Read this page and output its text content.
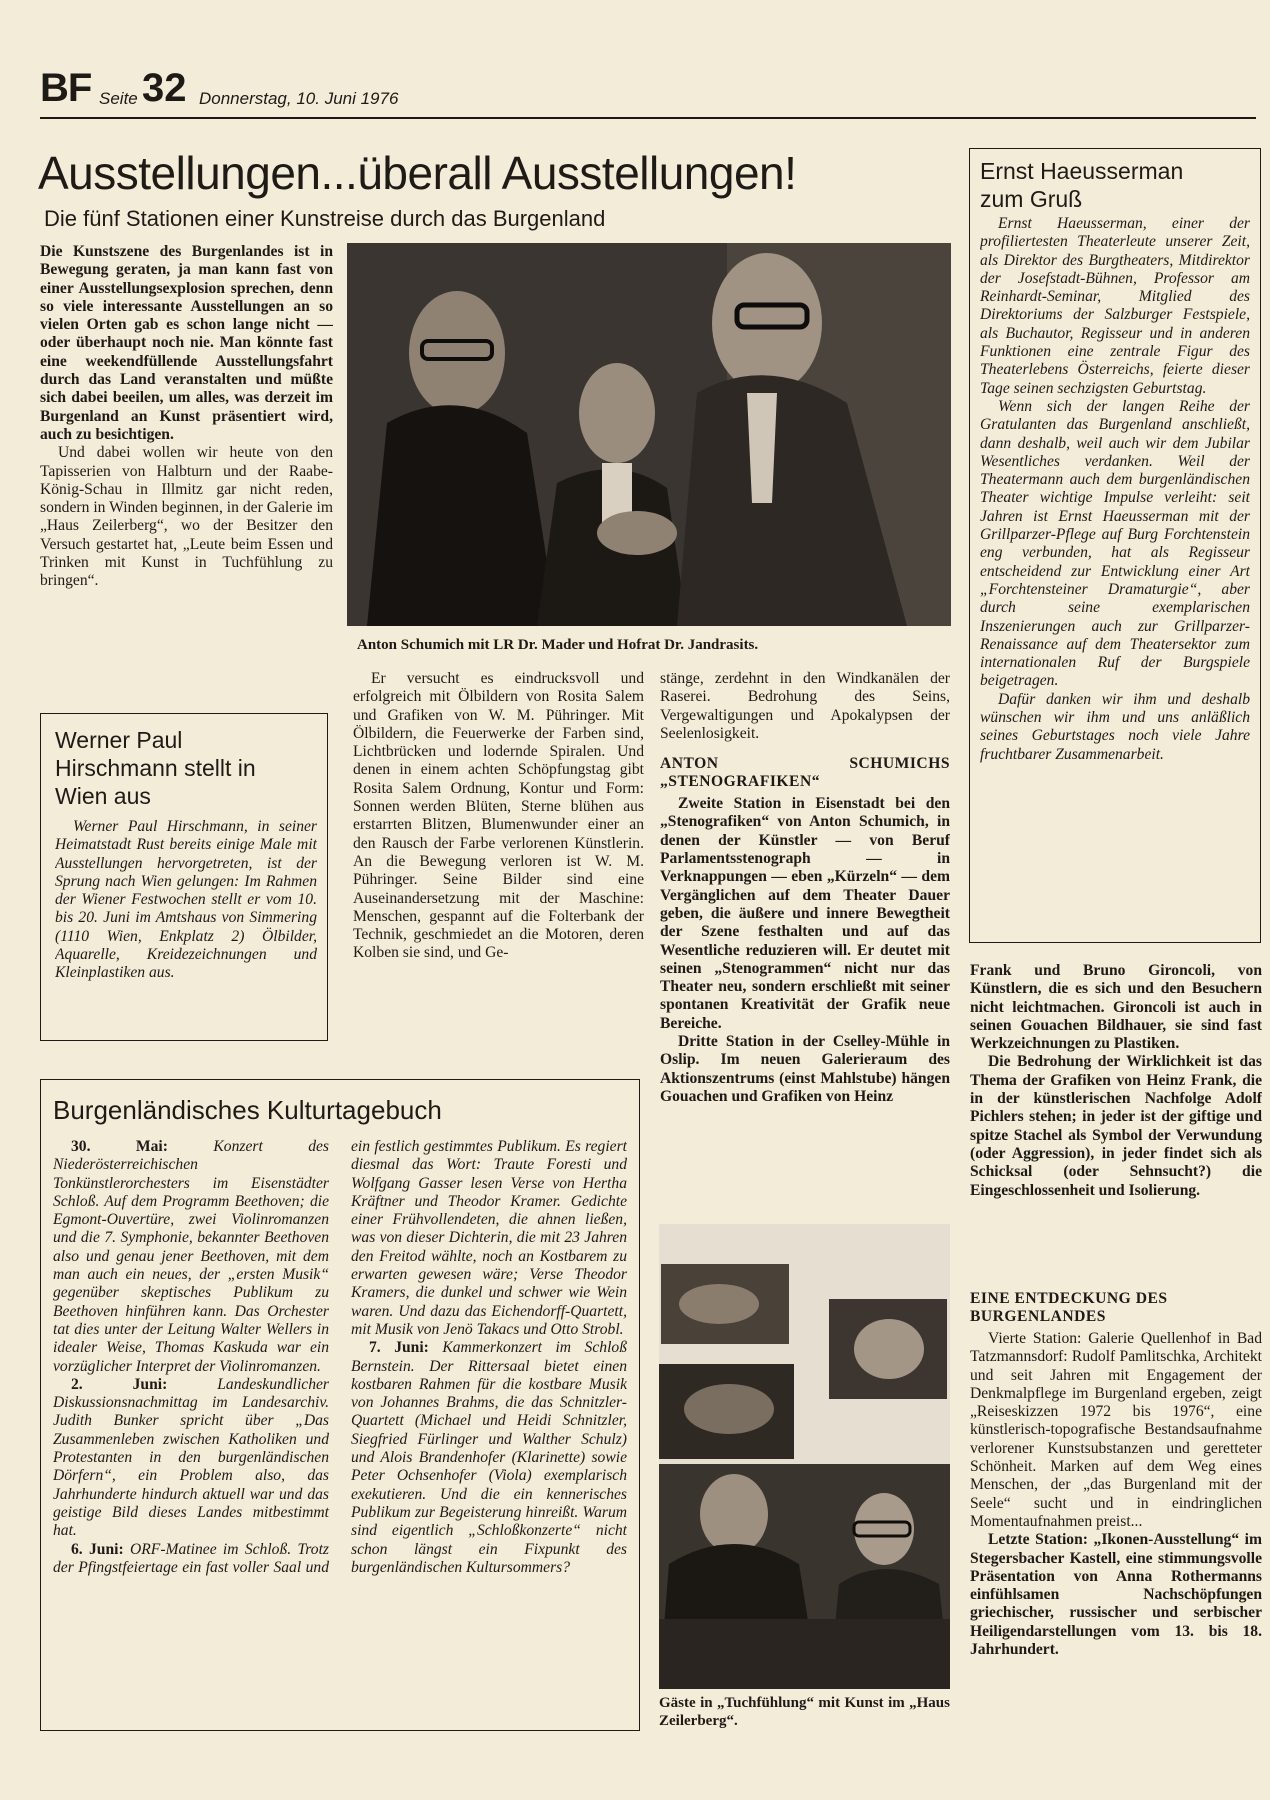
BF Seite 32 Donnerstag, 10. Juni 1976
Ausstellungen...überall Ausstellungen!
Die fünf Stationen einer Kunstreise durch das Burgenland

Die Kunstszene des Burgenlandes ist in Bewegung geraten, ja man kann fast von einer Ausstellungsexplosion sprechen, denn so viele interessante Ausstellungen an so vielen Orten gab es schon lange nicht — oder überhaupt noch nie. Man könnte fast eine weekendfüllende Ausstellungsfahrt durch das Land veranstalten und müßte sich dabei beeilen, um alles, was derzeit im Burgenland an Kunst präsentiert wird, auch zu besichtigen.

Und dabei wollen wir heute von den Tapisserien von Halbturn und der Raabe-König-Schau in Illmitz gar nicht reden, sondern in Winden beginnen, in der Galerie im „Haus Zeilerberg“, wo der Besitzer den Versuch gestartet hat, „Leute beim Essen und Trinken mit Kunst in Tuchfühlung zu bringen“.

Anton Schumich mit LR Dr. Mader und Hofrat Dr. Jandrasits.
Ernst Haeusserman zum Gruß

Ernst Haeusserman, einer der profiliertesten Theaterleute unserer Zeit, als Direktor des Burgtheaters, Mitdirektor der Josefstadt-Bühnen, Professor am Reinhardt-Seminar, Mitglied des Direktoriums der Salzburger Festspiele, als Buchautor, Regisseur und in anderen Funktionen eine zentrale Figur des Theaterlebens Österreichs, feierte dieser Tage seinen sechzigsten Geburtstag.

Wenn sich der langen Reihe der Gratulanten das Burgenland anschließt, dann deshalb, weil auch wir dem Jubilar Wesentliches verdanken. Weil der Theatermann auch dem burgenländischen Theater wichtige Impulse verleiht: seit Jahren ist Ernst Haeusserman mit der Grillparzer-Pflege auf Burg Forchtenstein eng verbunden, hat als Regisseur entscheidend zur Entwicklung einer Art „Forchtensteiner Dramaturgie“, aber durch seine exemplarischen Inszenierungen auch zur Grillparzer-Renaissance auf dem Theatersektor zum internationalen Ruf der Burgspiele beigetragen.

Dafür danken wir ihm und deshalb wünschen wir ihm und uns anläßlich seines Geburtstages noch viele Jahre fruchtbarer Zusammenarbeit.

Werner Paul Hirschmann stellt in Wien aus

Werner Paul Hirschmann, in seiner Heimatstadt Rust bereits einige Male mit Ausstellungen hervorgetreten, ist der Sprung nach Wien gelungen: Im Rahmen der Wiener Festwochen stellt er vom 10. bis 20. Juni im Amtshaus von Simmering (1110 Wien, Enkplatz 2) Ölbilder, Aquarelle, Kreidezeichnungen und Kleinplastiken aus.

Er versucht es eindrucksvoll und erfolgreich mit Ölbildern von Rosita Salem und Grafiken von W. M. Pühringer. Mit Ölbildern, die Feuerwerke der Farben sind, Lichtbrücken und lodernde Spiralen. Und denen in einem achten Schöpfungstag gibt Rosita Salem Ordnung, Kontur und Form: Sonnen werden Blüten, Sterne blühen aus erstarrten Blitzen, Blumenwunder einer an den Rausch der Farbe verlorenen Künstlerin. An die Bewegung verloren ist W. M. Pühringer. Seine Bilder sind eine Auseinandersetzung mit der Maschine: Menschen, gespannt auf die Folterbank der Technik, geschmiedet an die Motoren, deren Kolben sie sind, und Ge-

stänge, zerdehnt in den Windkanälen der Raserei. Bedrohung des Seins, Vergewaltigungen und Apokalypsen der Seelenlosigkeit.

ANTON SCHUMICHS „STENOGRAFIKEN“

Zweite Station in Eisenstadt bei den „Stenografiken“ von Anton Schumich, in denen der Künstler — von Beruf Parlamentsstenograph — in Verknappungen — eben „Kürzeln“ — dem Vergänglichen auf dem Theater Dauer geben, die äußere und innere Bewegtheit der Szene festhalten und auf das Wesentliche reduzieren will. Er deutet mit seinen „Stenogrammen“ nicht nur das Theater neu, sondern erschließt mit seiner spontanen Kreativität der Grafik neue Bereiche.

Dritte Station in der Cselley-Mühle in Oslip. Im neuen Galerieraum des Aktionszentrums (einst Mahlstube) hängen Gouachen und Grafiken von Heinz

Gäste in „Tuchfühlung“ mit Kunst im „Haus Zeilerberg“.

Frank und Bruno Gironcoli, von Künstlern, die es sich und den Besuchern nicht leichtmachen. Gironcoli ist auch in seinen Gouachen Bildhauer, sie sind fast Werkzeichnungen zu Plastiken.

Die Bedrohung der Wirklichkeit ist das Thema der Grafiken von Heinz Frank, die in der künstlerischen Nachfolge Adolf Pichlers stehen; in jeder ist der giftige und spitze Stachel als Symbol der Verwundung (oder Aggression), in jeder findet sich als Schicksal (oder Sehnsucht?) die Eingeschlossenheit und Isolierung.

EINE ENTDECKUNG DES BURGENLANDES

Vierte Station: Galerie Quellenhof in Bad Tatzmannsdorf: Rudolf Pamlitschka, Architekt und seit Jahren mit Engagement der Denkmalpflege im Burgenland ergeben, zeigt „Reiseskizzen 1972 bis 1976“, eine künstlerisch-topografische Bestandsaufnahme verlorener Kunstsubstanzen und geretteter Schönheit. Marken auf dem Weg eines Menschen, der „das Burgenland mit der Seele“ sucht und in eindringlichen Momentaufnahmen preist...

Letzte Station: „Ikonen-Ausstellung“ im Stegersbacher Kastell, eine stimmungsvolle Präsentation von Anna Rothermanns einfühlsamen Nachschöpfungen griechischer, russischer und serbischer Heiligendarstellungen vom 13. bis 18. Jahrhundert.

Burgenländisches Kulturtagebuch

30. Mai:	Konzert des Niederösterreichischen Tonkünstlerorchesters im Eisenstädter Schloß. Auf dem Programm Beethoven; die Egmont-Ouvertüre, zwei Violinromanzen und die 7. Symphonie, bekannter Beethoven also und genau jener Beethoven, mit dem man auch ein neues, der „ersten Musik“ gegenüber skeptisches Publikum zu Beethoven hinführen kann. Das Orchester tat dies unter der Leitung Walter Wellers in idealer Weise, Thomas Kaskuda war ein vorzüglicher Interpret der Violinromanzen.

2. Juni:	Landeskundlicher Diskussionsnachmittag im Landesarchiv. Judith Bunker spricht über „Das Zusammenleben zwischen Katholiken und Protestanten in den burgenländischen Dörfern“, ein Problem also, das Jahrhunderte hindurch aktuell war und das geistige Bild dieses Landes mitbestimmt hat.

6. Juni: ORF-Matinee im Schloß. Trotz der Pfingstfeiertage ein fast voller Saal und ein festlich gestimmtes Publikum. Es regiert diesmal das Wort: Traute Foresti und Wolfgang Gasser lesen Verse von Hertha Kräftner und Theodor Kramer. Gedichte einer Frühvollendeten, die ahnen ließen, was von dieser Dichterin, die mit 23 Jahren den Freitod wählte, noch an Kostbarem zu erwarten gewesen wäre; Verse Theodor Kramers, die dunkel und schwer wie Wein waren. Und dazu das Eichendorff-Quartett, mit Musik von Jenö Takacs und Otto Strobl.

7. Juni: Kammerkonzert im Schloß Bernstein. Der Rittersaal bietet einen kostbaren Rahmen für die kostbare Musik von Johannes Brahms, die das Schnitzler-Quartett (Michael und Heidi Schnitzler, Siegfried Fürlinger und Walther Schulz) und Alois Brandenhofer (Klarinette) sowie Peter Ochsenhofer (Viola) exemplarisch exekutieren. Und die ein kennerisches Publikum zur Begeisterung hinreißt. Warum sind eigentlich „Schloßkonzerte“ nicht schon längst ein Fixpunkt des burgenländischen Kultursommers?
